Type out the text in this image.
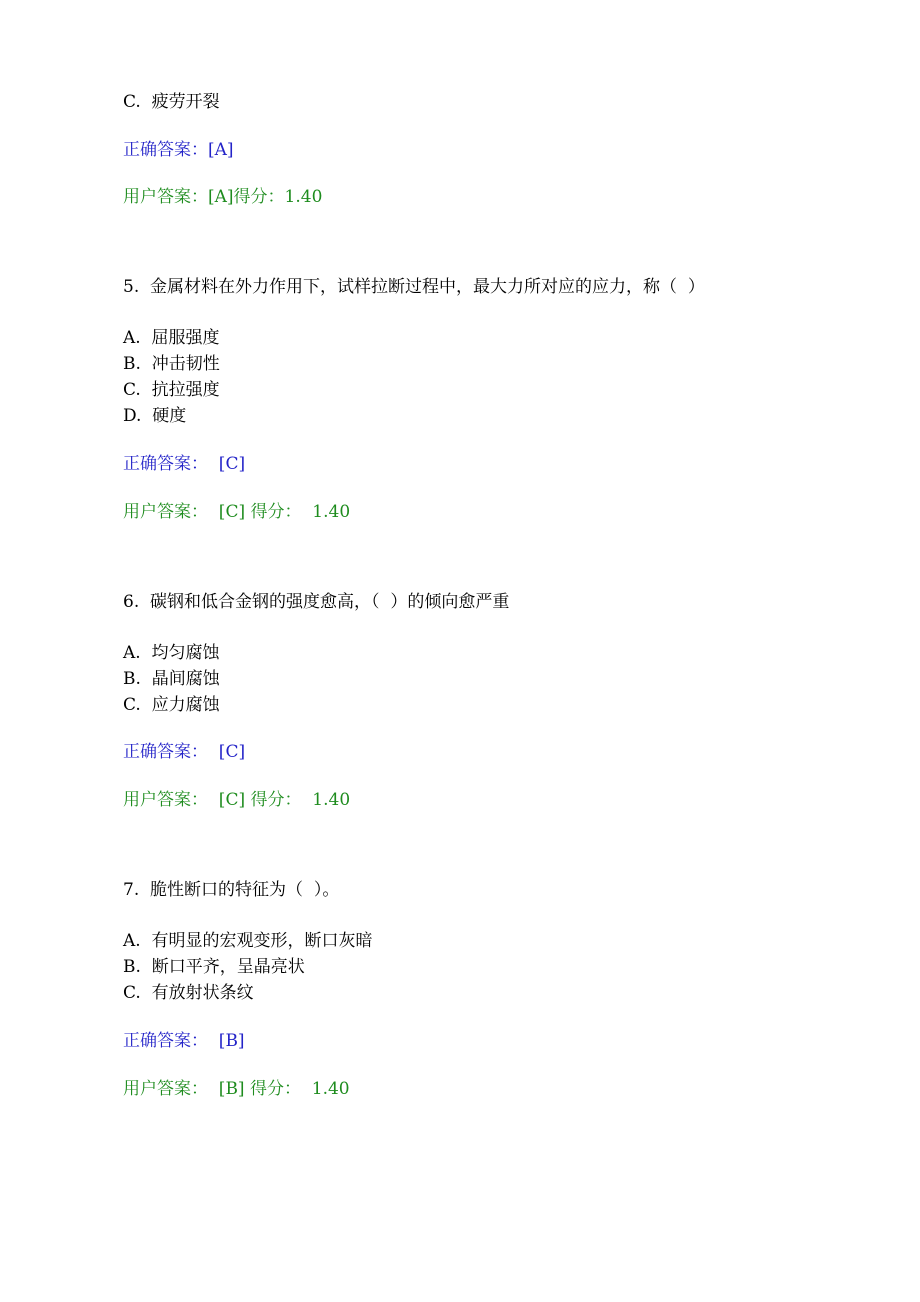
C.  疲劳开裂
正确答案：[A]
用户答案：[A]得分：1.40
5.  金属材料在外力作用下，试样拉断过程中，最大力所对应的应力，称（  ）
A.  屈服强度
B.  冲击韧性
C.  抗拉强度
D.  硬度
正确答案：  [C]
用户答案：  [C] 得分：  1.40
6.  碳钢和低合金钢的强度愈高，（  ）的倾向愈严重
A.  均匀腐蚀
B.  晶间腐蚀
C.  应力腐蚀
正确答案：  [C]
用户答案：  [C] 得分：  1.40
7.  脆性断口的特征为（  ）。
A.  有明显的宏观变形，断口灰暗
B.  断口平齐，呈晶亮状
C.  有放射状条纹
正确答案：  [B]
用户答案：  [B] 得分：  1.40
